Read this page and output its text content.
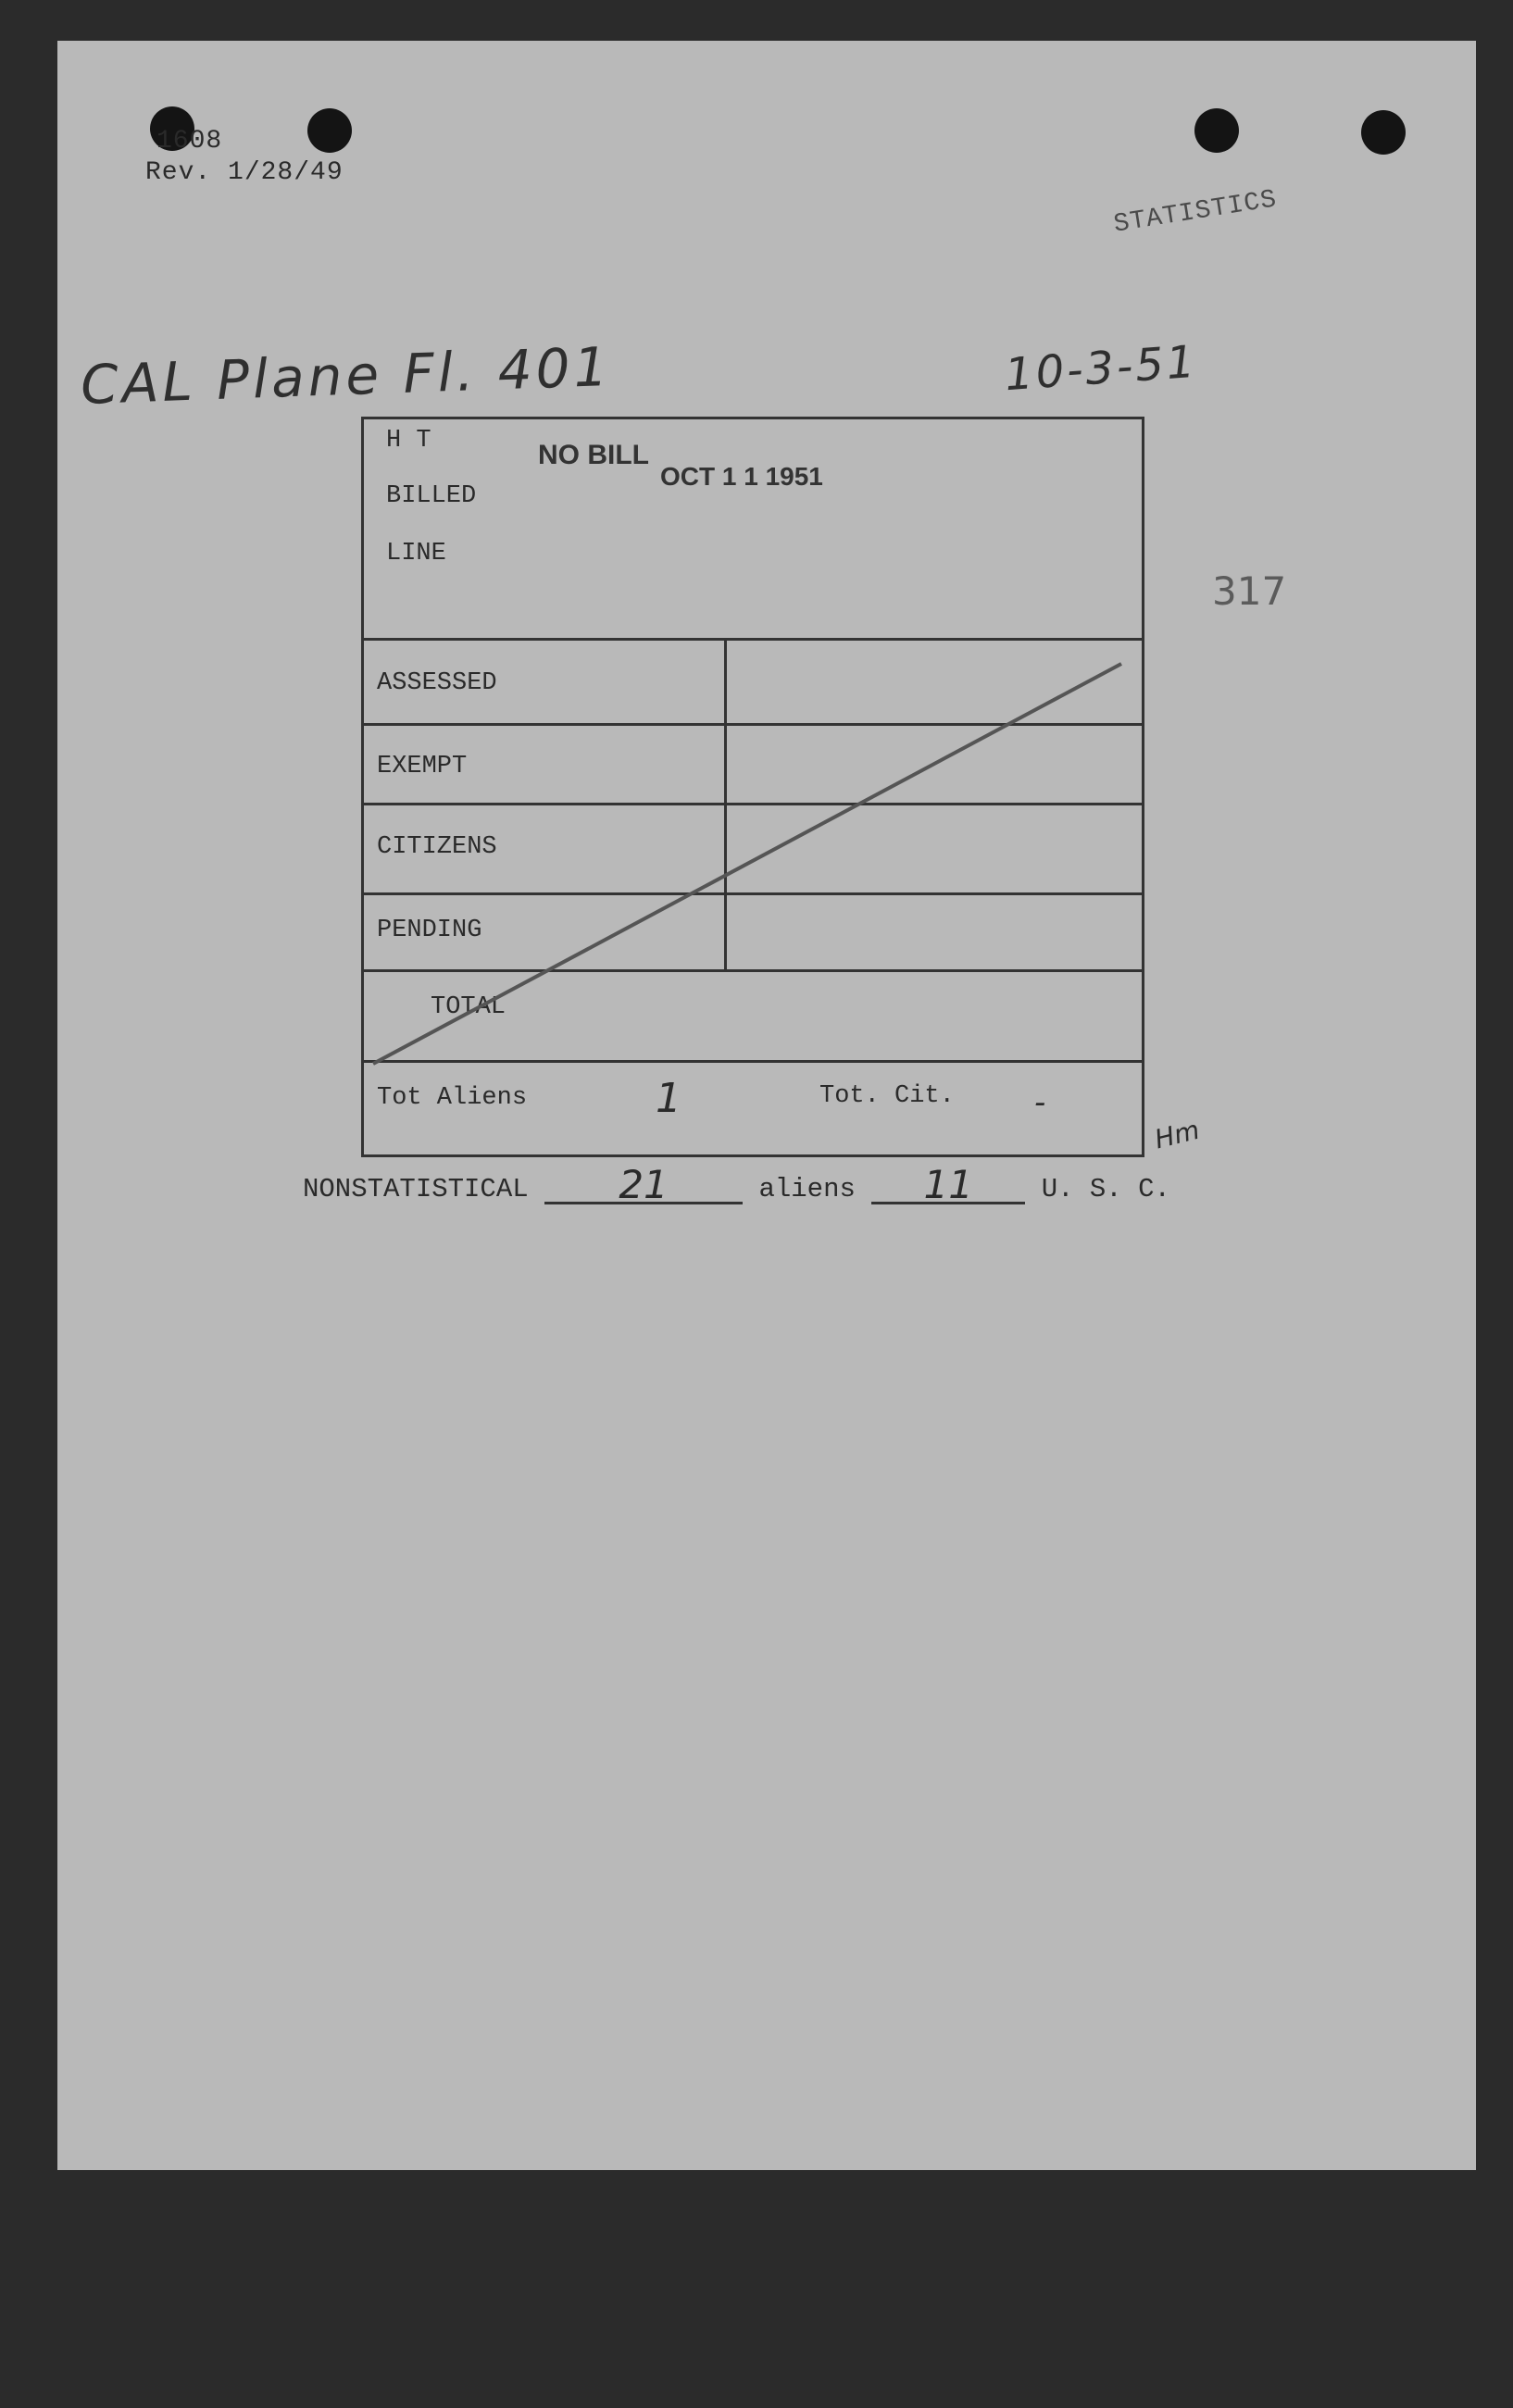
1608
Rev. 1/28/49
STATISTICS
CAL Plane Fl. 401	10-3-51
317
H T
BILLED
LINE
NO BILL
OCT 1 1 1951
ASSESSED
EXEMPT
CITIZENS
PENDING
TOTAL
Tot Aliens	1	Tot. Cit.	-
Hm
NONSTATISTICAL 21	aliens 11	U. S. C.
